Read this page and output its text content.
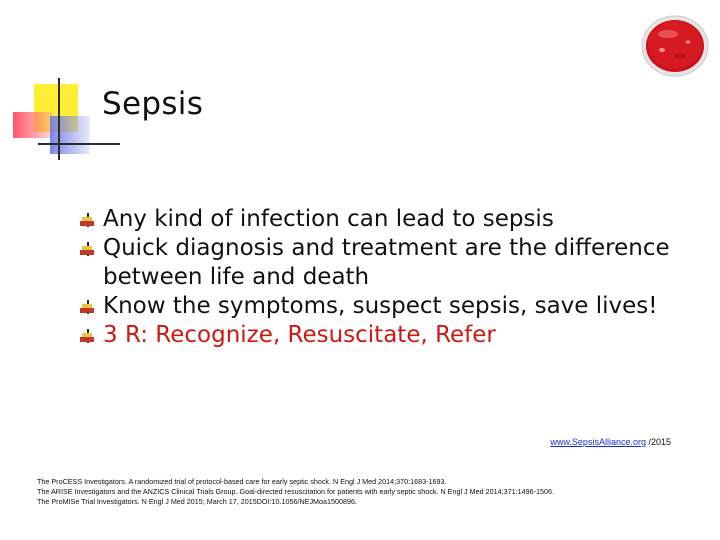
Sepsis
Any kind of infection can lead to sepsis
Quick diagnosis and treatment are the difference between life and death
Know the symptoms, suspect sepsis, save lives!
3 R: Recognize, Resuscitate, Refer
www.SepsisAlliance.org /2015
The ProCESS Investigators. A randomized trial of protocol-based care for early septic shock. N Engl J Med 2014;370:1683-1693.
The ARISE Investigators and the ANZICS Clinical Trials Group. Goal-directed resuscitation for patients with early septic shock. N Engl J Med 2014;371:1496-1506.
The ProMISe Trial Investigators. N Engl J Med 2015; March 17, 2015DOI:10.1056/NEJMoa1500896.
